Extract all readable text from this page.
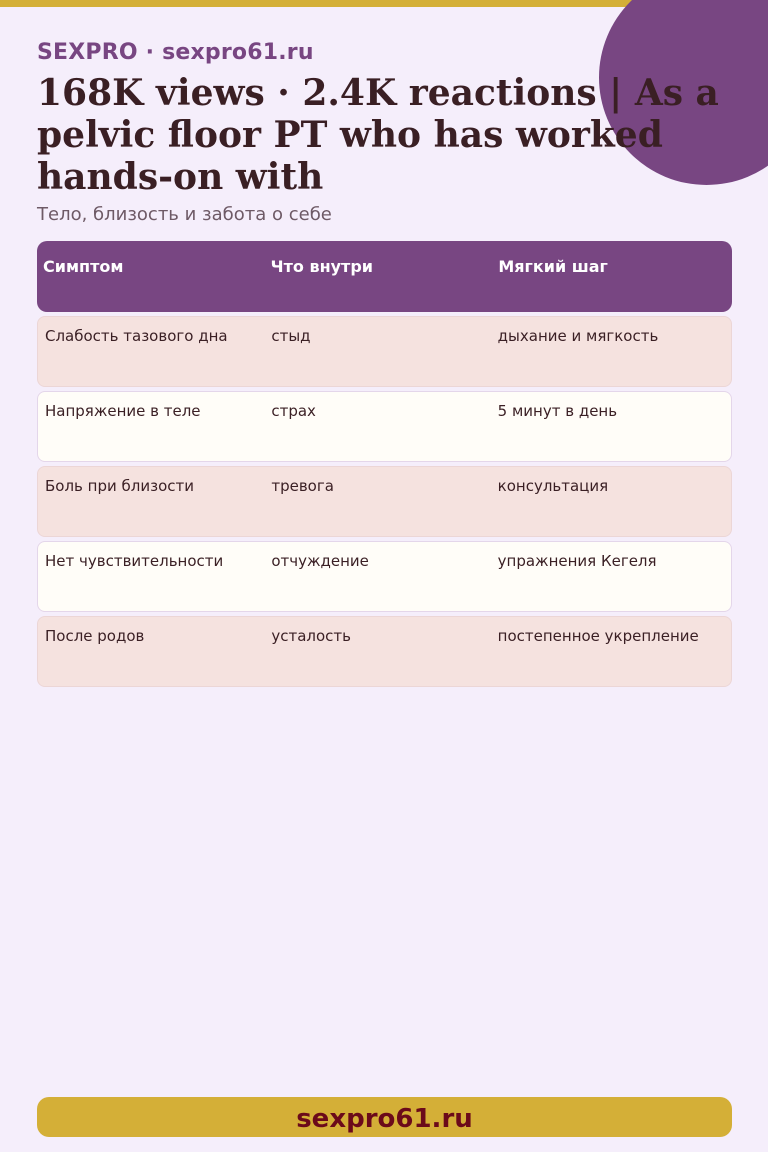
SEXPRO · sexpro61.ru
168K views · 2.4K reactions | As a pelvic floor PT who has worked hands-on with
Тело, близость и забота о себе
Симптом	Что внутри	Мягкий шаг
Слабость тазового дна	стыд	дыхание и мягкость
Напряжение в теле	страх	5 минут в день
Боль при близости	тревога	консультация
Нет чувствительности	отчуждение	упражнения Кегеля
После родов	усталость	постепенное укрепление
sexpro61.ru
